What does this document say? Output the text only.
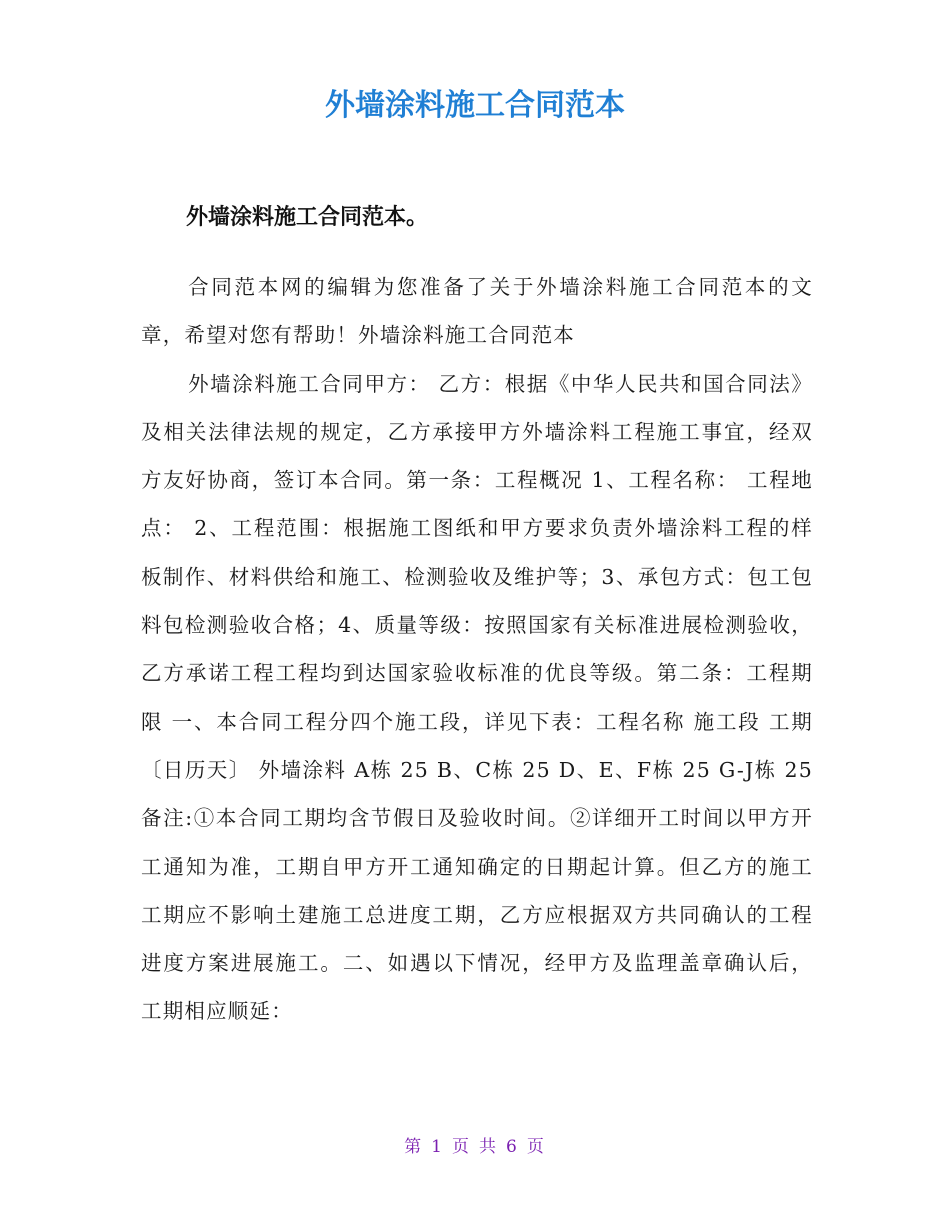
外墙涂料施工合同范本
外墙涂料施工合同范本。

合同范本网的编辑为您准备了关于外墙涂料施工合同范本的文章，希望对您有帮助！外墙涂料施工合同范本

外墙涂料施工合同甲方： 乙方：根据《中华人民共和国合同法》及相关法律法规的规定，乙方承接甲方外墙涂料工程施工事宜，经双方友好协商，签订本合同。第一条：工程概况 1、工程名称： 工程地点： 2、工程范围：根据施工图纸和甲方要求负责外墙涂料工程的样板制作、材料供给和施工、检测验收及维护等；3、承包方式：包工包料包检测验收合格；4、质量等级：按照国家有关标准进展检测验收，乙方承诺工程工程均到达国家验收标准的优良等级。第二条：工程期限 一、本合同工程分四个施工段，详见下表：工程名称 施工段 工期〔日历天〕 外墙涂料 A栋 25 B、C栋 25 D、E、F栋 25 G-J栋 25备注:①本合同工期均含节假日及验收时间。②详细开工时间以甲方开工通知为准，工期自甲方开工通知确定的日期起计算。但乙方的施工工期应不影响土建施工总进度工期，乙方应根据双方共同确认的工程进度方案进展施工。二、如遇以下情况，经甲方及监理盖章确认后，工期相应顺延：

第 1 页 共 6 页
